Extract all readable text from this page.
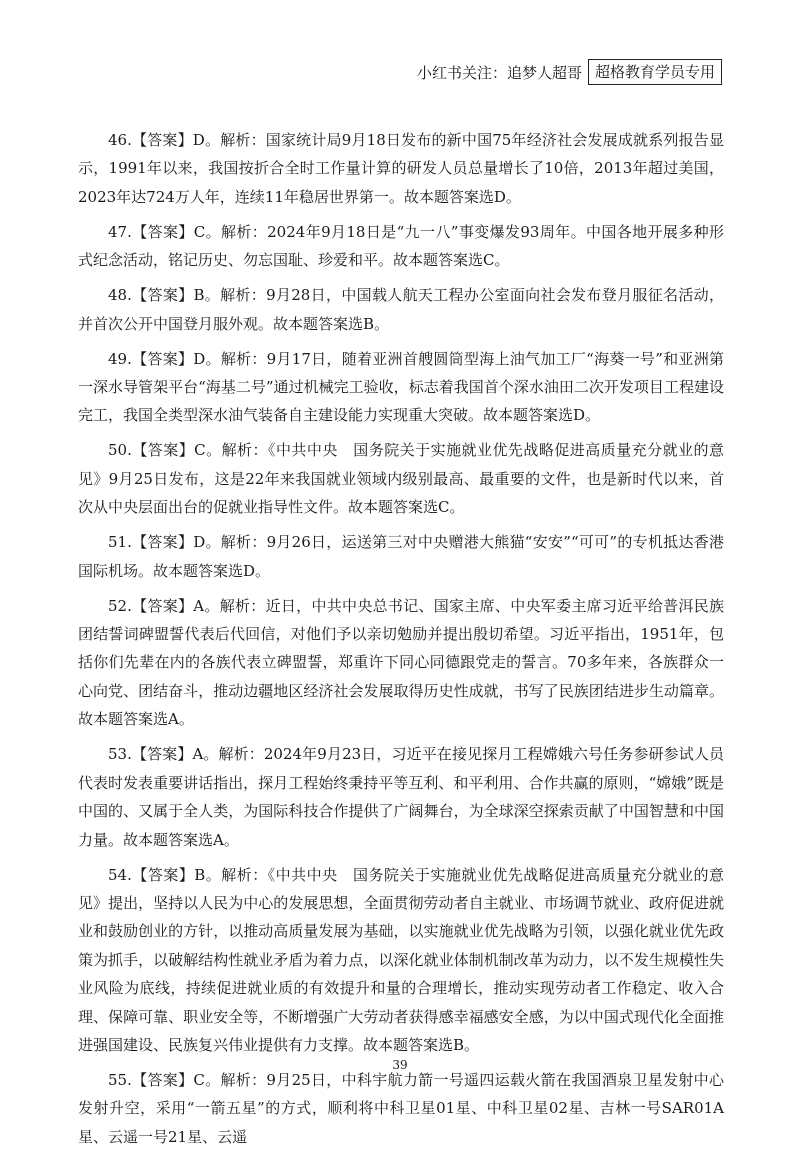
小红书关注：追梦人超哥 超格教育学员专用

46.【答案】D。解析：国家统计局9月18日发布的新中国75年经济社会发展成就系列报告显示，1991年以来，我国按折合全时工作量计算的研发人员总量增长了10倍，2013年超过美国，2023年达724万人年，连续11年稳居世界第一。故本题答案选D。

47.【答案】C。解析：2024年9月18日是“九一八”事变爆发93周年。中国各地开展多种形式纪念活动，铭记历史、勿忘国耻、珍爱和平。故本题答案选C。

48.【答案】B。解析：9月28日，中国载人航天工程办公室面向社会发布登月服征名活动，并首次公开中国登月服外观。故本题答案选B。

49.【答案】D。解析：9月17日，随着亚洲首艘圆筒型海上油气加工厂“海葵一号”和亚洲第一深水导管架平台“海基二号”通过机械完工验收，标志着我国首个深水油田二次开发项目工程建设完工，我国全类型深水油气装备自主建设能力实现重大突破。故本题答案选D。

50.【答案】C。解析：《中共中央　国务院关于实施就业优先战略促进高质量充分就业的意见》9月25日发布，这是22年来我国就业领域内级别最高、最重要的文件，也是新时代以来，首次从中央层面出台的促就业指导性文件。故本题答案选C。

51.【答案】D。解析：9月26日，运送第三对中央赠港大熊猫“安安”“可可”的专机抵达香港国际机场。故本题答案选D。

52.【答案】A。解析：近日，中共中央总书记、国家主席、中央军委主席习近平给普洱民族团结誓词碑盟誓代表后代回信，对他们予以亲切勉励并提出殷切希望。习近平指出，1951年，包括你们先辈在内的各族代表立碑盟誓，郑重许下同心同德跟党走的誓言。70多年来，各族群众一心向党、团结奋斗，推动边疆地区经济社会发展取得历史性成就，书写了民族团结进步生动篇章。故本题答案选A。

53.【答案】A。解析：2024年9月23日，习近平在接见探月工程嫦娥六号任务参研参试人员代表时发表重要讲话指出，探月工程始终秉持平等互利、和平利用、合作共赢的原则，“嫦娥”既是中国的、又属于全人类，为国际科技合作提供了广阔舞台，为全球深空探索贡献了中国智慧和中国力量。故本题答案选A。

54.【答案】B。解析：《中共中央　国务院关于实施就业优先战略促进高质量充分就业的意见》提出，坚持以人民为中心的发展思想，全面贯彻劳动者自主就业、市场调节就业、政府促进就业和鼓励创业的方针，以推动高质量发展为基础，以实施就业优先战略为引领，以强化就业优先政策为抓手，以破解结构性就业矛盾为着力点，以深化就业体制机制改革为动力，以不发生规模性失业风险为底线，持续促进就业质的有效提升和量的合理增长，推动实现劳动者工作稳定、收入合理、保障可靠、职业安全等，不断增强广大劳动者获得感幸福感安全感，为以中国式现代化全面推进强国建设、民族复兴伟业提供有力支撑。故本题答案选B。

55.【答案】C。解析：9月25日，中科宇航力箭一号遥四运载火箭在我国酒泉卫星发射中心发射升空，采用“一箭五星”的方式，顺利将中科卫星01星、中科卫星02星、吉林一号SAR01A星、云遥一号21星、云遥

39
